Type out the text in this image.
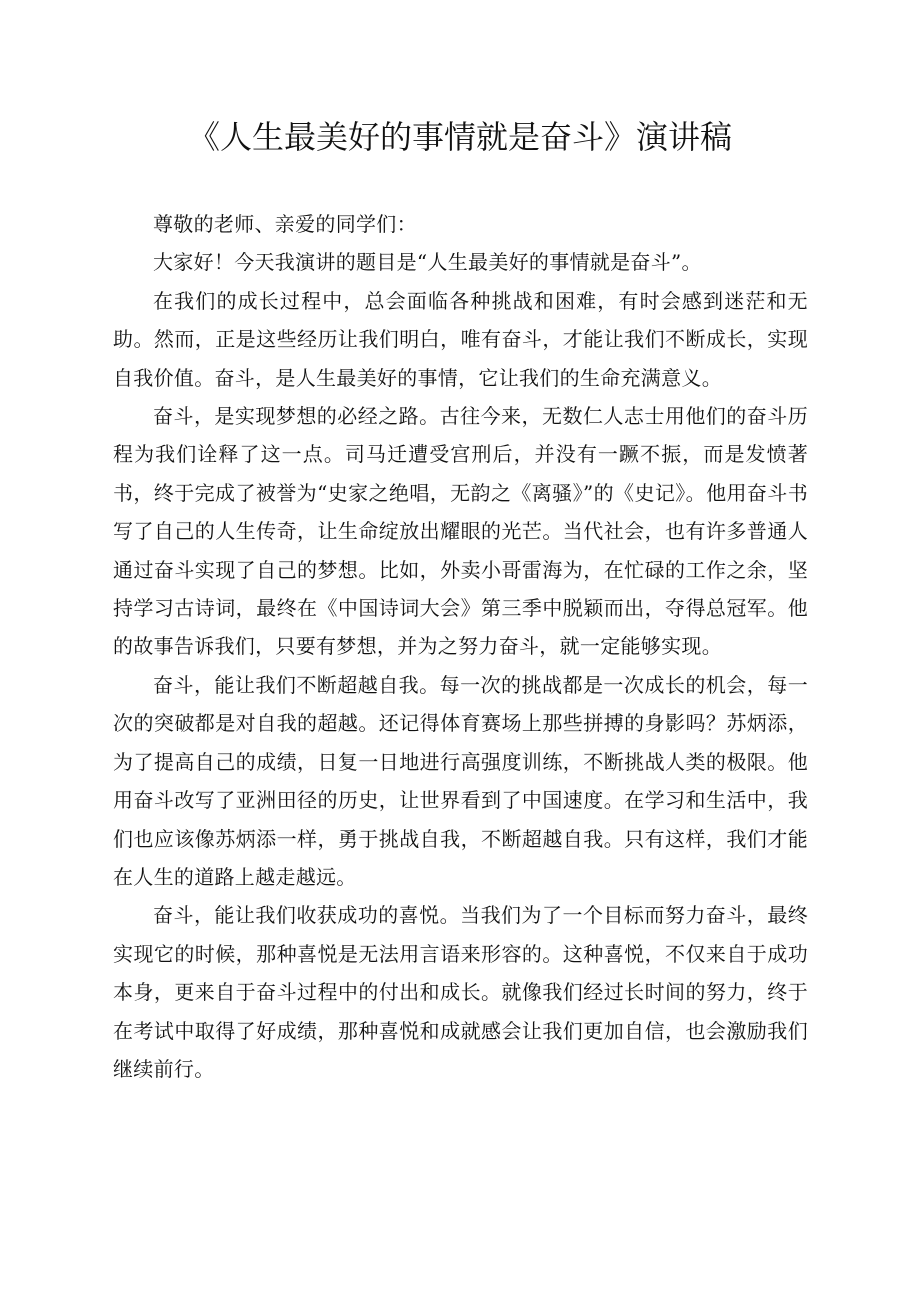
《人生最美好的事情就是奋斗》演讲稿

尊敬的老师、亲爱的同学们：

大家好！今天我演讲的题目是“人生最美好的事情就是奋斗”。

在我们的成长过程中，总会面临各种挑战和困难，有时会感到迷茫和无助。然而，正是这些经历让我们明白，唯有奋斗，才能让我们不断成长，实现自我价值。奋斗，是人生最美好的事情，它让我们的生命充满意义。

奋斗，是实现梦想的必经之路。古往今来，无数仁人志士用他们的奋斗历程为我们诠释了这一点。司马迁遭受宫刑后，并没有一蹶不振，而是发愤著书，终于完成了被誉为“史家之绝唱，无韵之《离骚》”的《史记》。他用奋斗书写了自己的人生传奇，让生命绽放出耀眼的光芒。当代社会，也有许多普通人通过奋斗实现了自己的梦想。比如，外卖小哥雷海为，在忙碌的工作之余，坚持学习古诗词，最终在《中国诗词大会》第三季中脱颖而出，夺得总冠军。他的故事告诉我们，只要有梦想，并为之努力奋斗，就一定能够实现。

奋斗，能让我们不断超越自我。每一次的挑战都是一次成长的机会，每一次的突破都是对自我的超越。还记得体育赛场上那些拼搏的身影吗？苏炳添，为了提高自己的成绩，日复一日地进行高强度训练，不断挑战人类的极限。他用奋斗改写了亚洲田径的历史，让世界看到了中国速度。在学习和生活中，我们也应该像苏炳添一样，勇于挑战自我，不断超越自我。只有这样，我们才能在人生的道路上越走越远。

奋斗，能让我们收获成功的喜悦。当我们为了一个目标而努力奋斗，最终实现它的时候，那种喜悦是无法用言语来形容的。这种喜悦，不仅来自于成功本身，更来自于奋斗过程中的付出和成长。就像我们经过长时间的努力，终于在考试中取得了好成绩，那种喜悦和成就感会让我们更加自信，也会激励我们继续前行。
